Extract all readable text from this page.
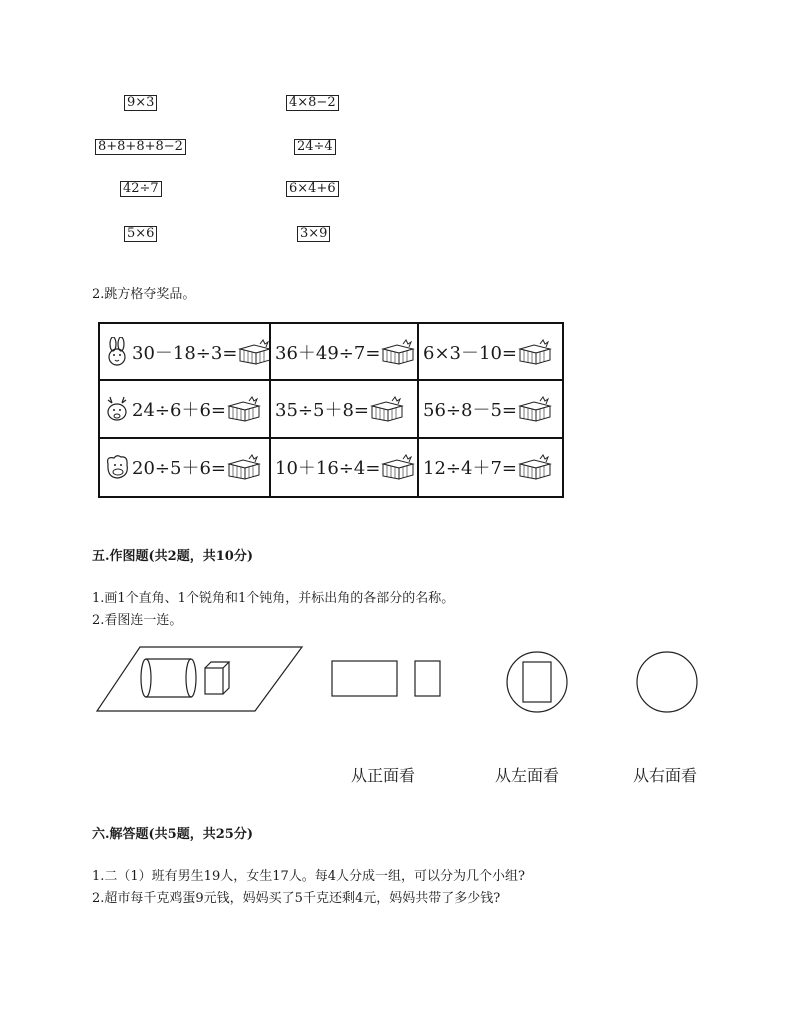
9×3	4×8−2
8+8+8+8−2	24÷4
42÷7	6×4+6
5×6	3×9
2.跳方格夺奖品。
30－18÷3= 36＋49÷7= 6×3－10=
24÷6＋6=	35÷5＋8=	56÷8－5=
20÷5＋6=	10＋16÷4= 12÷4＋7=
五.作图题(共2题，共10分)
1.画1个直角、1个锐角和1个钝角，并标出角的各部分的名称。
2.看图连一连。
从正面看	从左面看	从右面看
六.解答题(共5题，共25分)
1.二（1）班有男生19人，女生17人。每4人分成一组，可以分为几个小组?
2.超市每千克鸡蛋9元钱，妈妈买了5千克还剩4元，妈妈共带了多少钱?
